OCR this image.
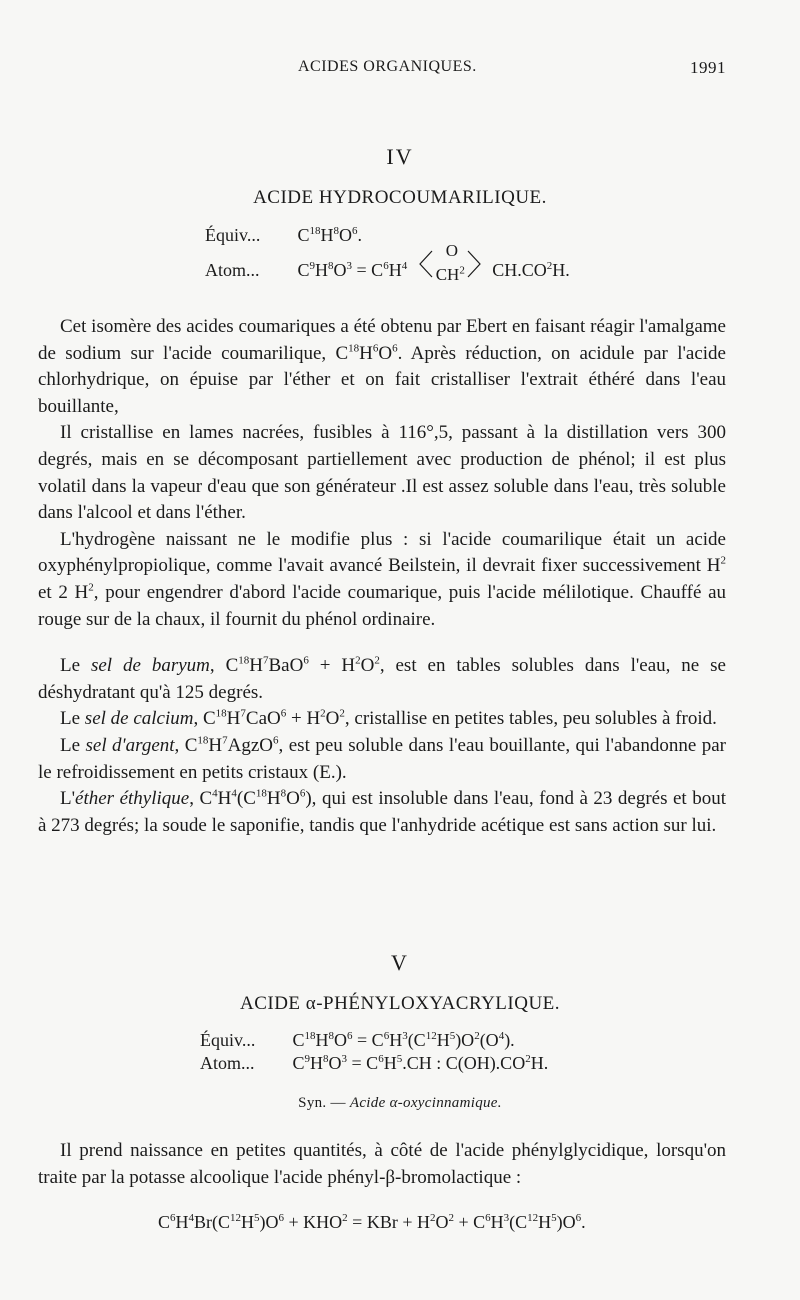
ACIDES ORGANIQUES.	1991
IV
ACIDE HYDROCOUMARILIQUE.
Équiv... $C^{18}H^8O^6$.
Atom... $C^9H^8O^3 = C^6H^4$
O
$CH^2$ $CH.CO^2H$.

Cet isomère des acides coumariques a été obtenu par Ebert en faisant réagir l'amalgame de sodium sur l'acide coumarilique, $C^{18}H^6O^6$. Après réduction, on acidule par l'acide chlorhydrique, on épuise par l'éther et on fait cristalliser l'extrait éthéré dans l'eau bouillante,

Il cristallise en lames nacrées, fusibles à 116°,5, passant à la distillation vers 300 degrés, mais en se décomposant partiellement avec production de phénol; il est plus volatil dans la vapeur d'eau que son générateur .Il est assez soluble dans l'eau, très soluble dans l'alcool et dans l'éther.

L'hydrogène naissant ne le modifie plus : si l'acide coumarilique était un acide oxyphénylpropiolique, comme l'avait avancé Beilstein, il devrait fixer successivement $H^2$ et 2 $H^2$, pour engendrer d'abord l'acide coumarique, puis l'acide mélilotique. Chauffé au rouge sur de la chaux, il fournit du phénol ordinaire.

Le sel de baryum, $C^{18}H^7BaO^6 + H^2O^2$, est en tables solubles dans l'eau, ne se déshydratant qu'à 125 degrés.

Le sel de calcium, $C^{18}H^7CaO^6 + H^2O^2$, cristallise en petites tables, peu solubles à froid.

Le sel d'argent, $C^{18}H^7AgzO^6$, est peu soluble dans l'eau bouillante, qui l'abandonne par le refroidissement en petits cristaux (E.).

L'éther éthylique, $C^4H^4(C^{18}H^8O^6)$, qui est insoluble dans l'eau, fond à 23 degrés et bout à 273 degrés; la soude le saponifie, tandis que l'anhydride acétique est sans action sur lui.

V
ACIDE α-PHÉNYLOXYACRYLIQUE.
Équiv... $C^{18}H^8O^6 = C^6H^3(C^{12}H^5)O^2(O^4)$.
Atom... $C^9H^8O^3 = C^6H^5.CH$ : $C(OH).CO^2H$.
Syn. — Acide α-oxycinnamique.

Il prend naissance en petites quantités, à côté de l'acide phénylglycidique, lorsqu'on traite par la potasse alcoolique l'acide phényl-β-bromolactique :

$C^6H^4Br(C^{12}H^5)O^6 + KHO^2$ = KBr + $H^2O^2 + C^6H^3(C^{12}H^5)O^6$.
